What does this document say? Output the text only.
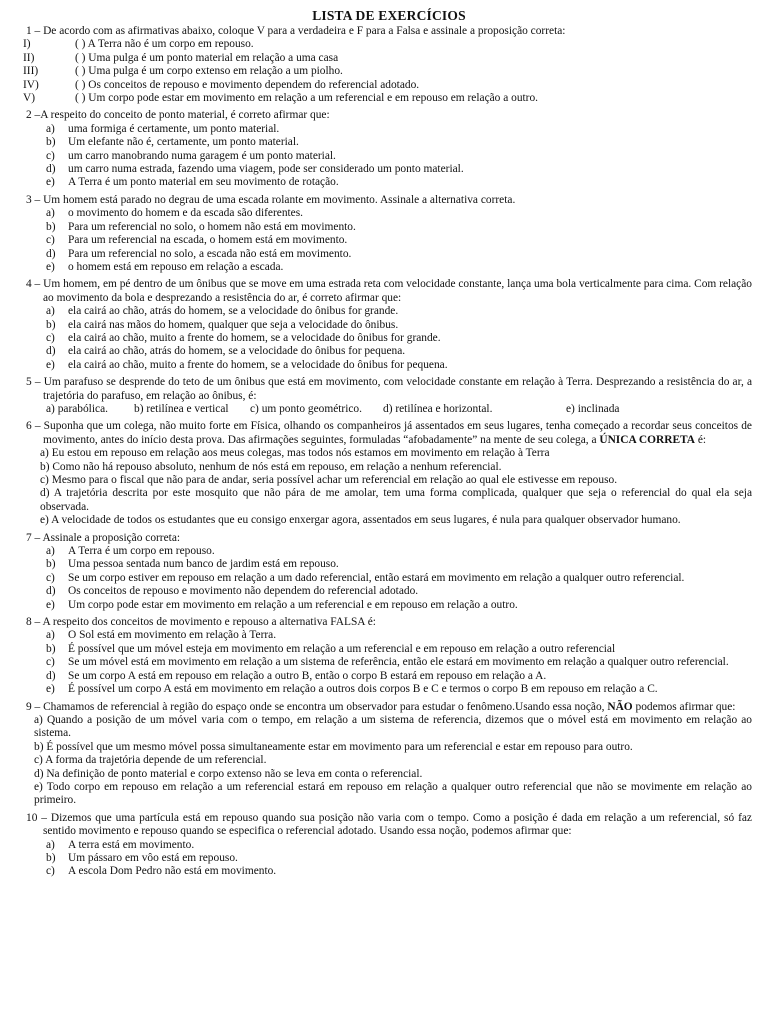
LISTA DE EXERCÍCIOS

1 – De acordo com as afirmativas abaixo, coloque V para a verdadeira e F para a Falsa e assinale a proposição correta:

I)	( ) A Terra não é um corpo em repouso.
II)	( ) Uma pulga é um ponto material em relação a uma casa
III)	( ) Uma pulga é um corpo extenso em relação a um piolho.
IV)	( ) Os conceitos de repouso e movimento dependem do referencial adotado.
V)	( ) Um corpo pode estar em movimento em relação a um referencial e em repouso em relação a outro.

2 –A respeito do conceito de ponto material, é correto afirmar que:

a)	uma formiga é certamente, um ponto material.
b)	Um elefante não é, certamente, um ponto material.
c)	um carro manobrando numa garagem é um ponto material.
d)	um carro numa estrada, fazendo uma viagem, pode ser considerado um ponto material.
e)	A Terra é um ponto material em seu movimento de rotação.

3 – Um homem está parado no degrau de uma escada rolante em movimento. Assinale a alternativa correta.

a)	o movimento do homem e da escada são diferentes.
b)	Para um referencial no solo, o homem não está em movimento.
c)	Para um referencial na escada, o homem está em movimento.
d)	Para um referencial no solo, a escada não está em movimento.
e)	o homem está em repouso em relação a escada.

4 – Um homem, em pé dentro de um ônibus que se move em uma estrada reta com velocidade constante, lança uma bola verticalmente para cima. Com relação ao movimento da bola e desprezando a resistência do ar, é correto afirmar que:

a)	ela cairá ao chão, atrás do homem, se a velocidade do ônibus for grande.
b)	ela cairá nas mãos do homem, qualquer que seja a velocidade do ônibus.
c)	ela cairá ao chão, muito a frente do homem, se a velocidade do ônibus for grande.
d)	ela cairá ao chão, atrás do homem, se a velocidade do ônibus for pequena.
e)	ela cairá ao chão, muito a frente do homem, se a velocidade do ônibus for pequena.

5 – Um parafuso se desprende do teto de um ônibus que está em movimento, com velocidade constante em relação à Terra. Desprezando a resistência do ar, a trajetória do parafuso, em relação ao ônibus, é:

a) parabólica.	b) retilínea e vertical	c) um ponto geométrico.	d) retilínea e horizontal.	e) inclinada

6 – Suponha que um colega, não muito forte em Física, olhando os companheiros já assentados em seus lugares, tenha começado a recordar seus conceitos de movimento, antes do início desta prova. Das afirmações seguintes, formuladas “afobadamente” na mente de seu colega, a ÚNICA CORRETA é:

a) Eu estou em repouso em relação aos meus colegas, mas todos nós estamos em movimento em relação à Terra
b) Como não há repouso absoluto, nenhum de nós está em repouso, em relação a nenhum referencial.
c) Mesmo para o fiscal que não para de andar, seria possível achar um referencial em relação ao qual ele estivesse em repouso.
d) A trajetória descrita por este mosquito que não pára de me amolar, tem uma forma complicada, qualquer que seja o referencial do qual ela seja observada.
e) A velocidade de todos os estudantes que eu consigo enxergar agora, assentados em seus lugares, é nula para qualquer observador humano.

7 – Assinale a proposição correta:

a)	A Terra é um corpo em repouso.
b)	Uma pessoa sentada num banco de jardim está em repouso.
c)	Se um corpo estiver em repouso em relação a um dado referencial, então estará em movimento em relação a qualquer outro referencial.
d)	Os conceitos de repouso e movimento não dependem do referencial adotado.
e)	Um corpo pode estar em movimento em relação a um referencial e em repouso em relação a outro.

8 – A respeito dos conceitos de movimento e repouso a alternativa FALSA é:

a)	O Sol está em movimento em relação à Terra.
b)	É possível que um móvel esteja em movimento em relação a um referencial e em repouso em relação a outro referencial
c)	Se um móvel está em movimento em relação a um sistema de referência, então ele estará em movimento em relação a qualquer outro referencial.
d)	Se um corpo A está em repouso em relação a outro B, então o corpo B estará em repouso em relação a A.
e)	É possível um corpo A está em movimento em relação a outros dois corpos B e C e termos o corpo B em repouso em relação a C.

9 – Chamamos de referencial à região do espaço onde se encontra um observador para estudar o fenômeno.Usando essa noção, NÃO podemos afirmar que:

a) Quando a posição de um móvel varia com o tempo, em relação a um sistema de referencia, dizemos que o móvel está em movimento em relação ao sistema.
b) É possível que um mesmo móvel possa simultaneamente estar em movimento para um referencial e estar em repouso para outro.
c) A forma da trajetória depende de um referencial.
d) Na definição de ponto material e corpo extenso não se leva em conta o referencial.
e) Todo corpo em repouso em relação a um referencial estará em repouso em relação a qualquer outro referencial que não se movimente em relação ao primeiro.

10 – Dizemos que uma partícula está em repouso quando sua posição não varia com o tempo. Como a posição é dada em relação a um referencial, só faz sentido movimento e repouso quando se especifica o referencial adotado. Usando essa noção, podemos afirmar que:

a)	A terra está em movimento.
b)	Um pássaro em vôo está em repouso.
c)	A escola Dom Pedro não está em movimento.
